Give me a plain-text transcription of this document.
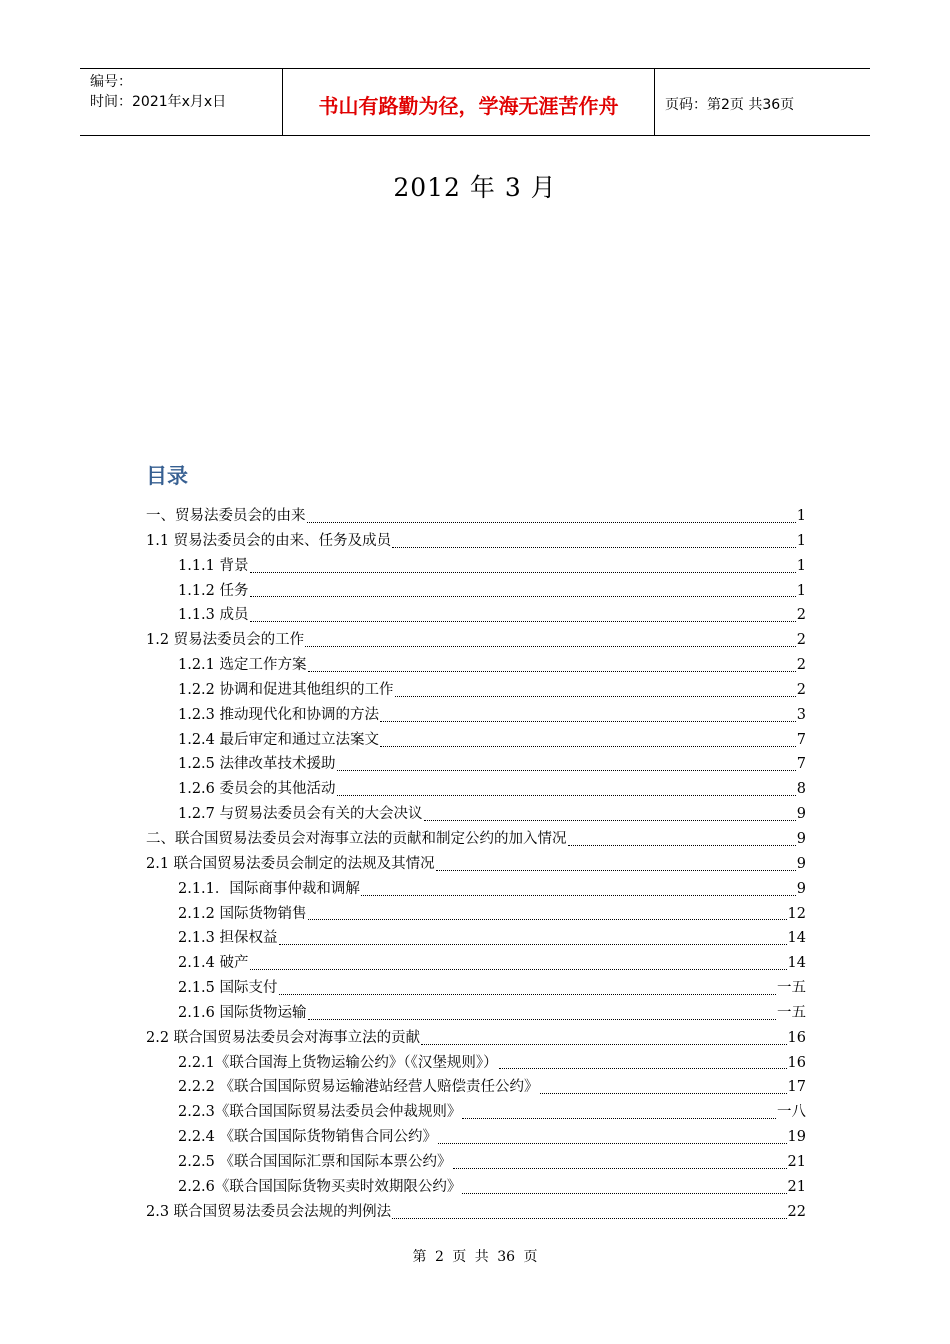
编号：
时间：2021年x月x日	书山有路勤为径，学海无涯苦作舟	页码：第2页 共36页
2012 年 3 月
目录
一、贸易法委员会的由来	1
1.1 贸易法委员会的由来、任务及成员	1
1.1.1 背景	1
1.1.2 任务	1
1.1.3 成员	2
1.2 贸易法委员会的工作	2
1.2.1 选定工作方案	2
1.2.2 协调和促进其他组织的工作	2
1.2.3 推动现代化和协调的方法	3
1.2.4 最后审定和通过立法案文	7
1.2.5 法律改革技术援助	7
1.2.6 委员会的其他活动	8
1.2.7 与贸易法委员会有关的大会决议	9
二、联合国贸易法委员会对海事立法的贡献和制定公约的加入情况	9
2.1 联合国贸易法委员会制定的法规及其情况	9
2.1.1．国际商事仲裁和调解	9
2.1.2 国际货物销售	12
2.1.3 担保权益	14
2.1.4 破产	14
2.1.5 国际支付	一五
2.1.6 国际货物运输	一五
2.2 联合国贸易法委员会对海事立法的贡献	16
2.2.1《联合国海上货物运输公约》（《汉堡规则》）	16
2.2.2 《联合国国际贸易运输港站经营人赔偿责任公约》	17
2.2.3《联合国国际贸易法委员会仲裁规则》	一八
2.2.4 《联合国国际货物销售合同公约》	19
2.2.5 《联合国国际汇票和国际本票公约》	21
2.2.6《联合国国际货物买卖时效期限公约》	21
2.3 联合国贸易法委员会法规的判例法	22
第 2 页 共 36 页
